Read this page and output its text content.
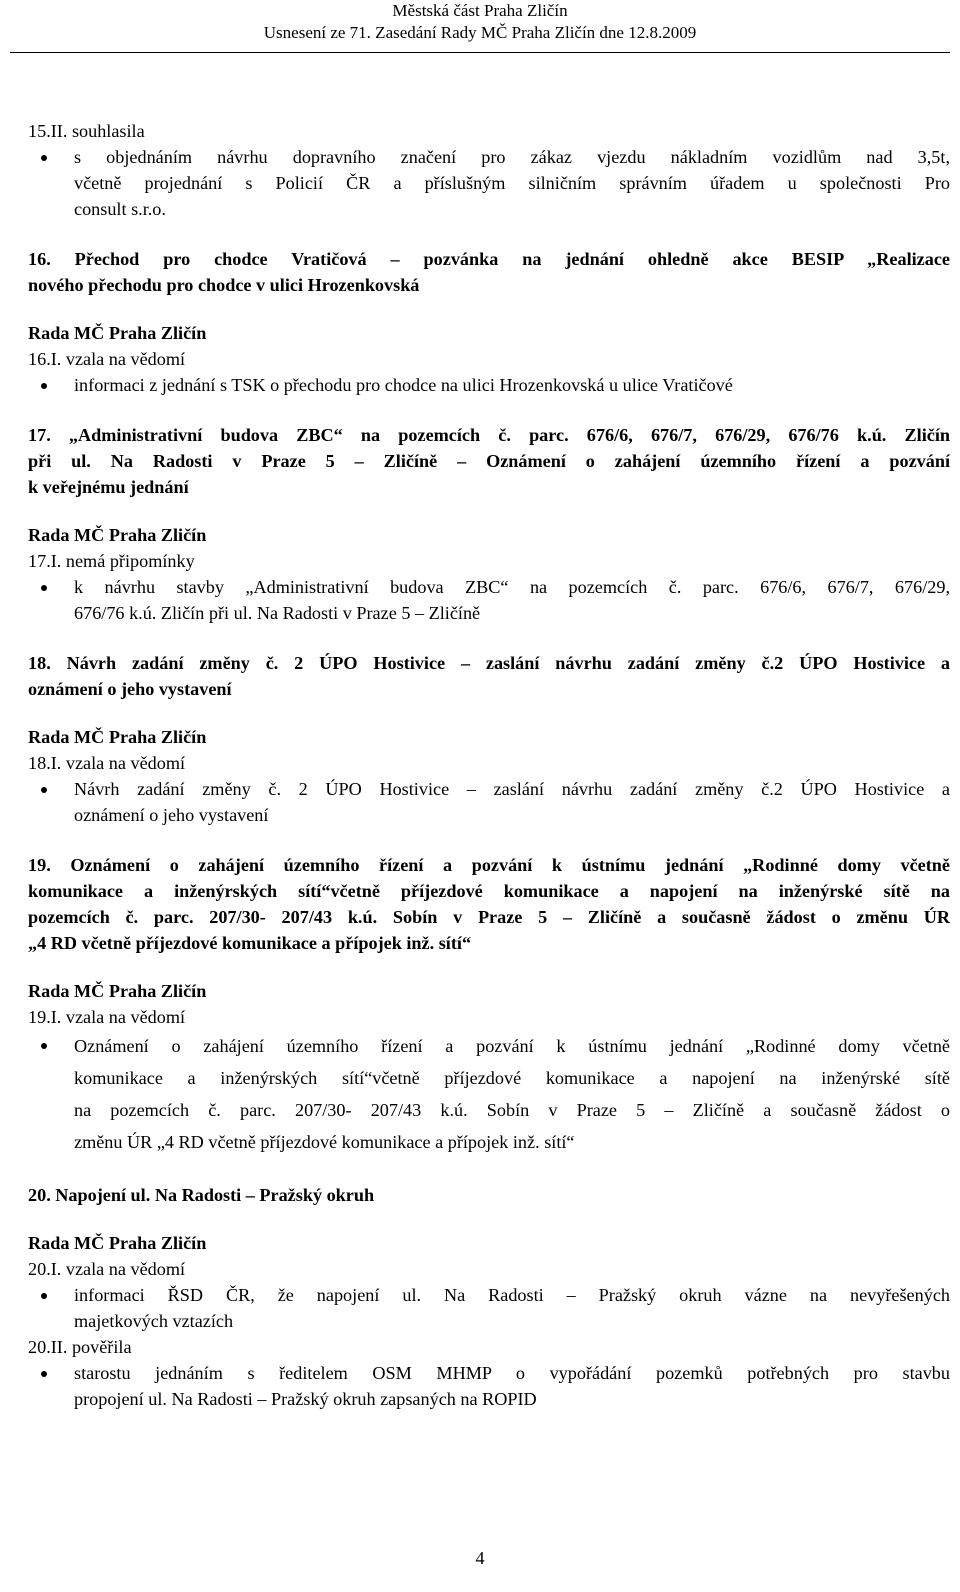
Městská část Praha Zličín
Usnesení ze 71. Zasedání Rady MČ Praha Zličín dne 12.8.2009
15.II. souhlasila
s objednáním návrhu dopravního značení pro zákaz vjezdu nákladním vozidlům nad 3,5t,
včetně projednání s Policií ČR a příslušným silničním správním úřadem u společnosti Pro
consult s.r.o.
16. Přechod pro chodce Vratičová – pozvánka na jednání ohledně akce BESIP „Realizace
nového přechodu pro chodce v ulici Hrozenkovská
Rada MČ Praha Zličín
16.I. vzala na vědomí
informaci z jednání s TSK o přechodu pro chodce na ulici Hrozenkovská u ulice Vratičové
17. „Administrativní budova ZBC“ na pozemcích č. parc. 676/6, 676/7, 676/29, 676/76 k.ú. Zličín
při ul. Na Radosti v Praze 5 – Zličíně – Oznámení o zahájení územního řízení a pozvání
k veřejnému jednání
Rada MČ Praha Zličín
17.I. nemá připomínky
k návrhu stavby „Administrativní budova ZBC“ na pozemcích č. parc. 676/6, 676/7, 676/29,
676/76 k.ú. Zličín při ul. Na Radosti v Praze 5 – Zličíně
18. Návrh zadání změny č. 2 ÚPO Hostivice – zaslání návrhu zadání změny č.2 ÚPO Hostivice a
oznámení o jeho vystavení
Rada MČ Praha Zličín
18.I. vzala na vědomí
Návrh zadání změny č. 2 ÚPO Hostivice – zaslání návrhu zadání změny č.2 ÚPO Hostivice a
oznámení o jeho vystavení
19. Oznámení o zahájení územního řízení a pozvání k ústnímu jednání „Rodinné domy včetně
komunikace a inženýrských sítí“včetně příjezdové komunikace a napojení na inženýrské sítě na
pozemcích č. parc. 207/30- 207/43 k.ú. Sobín v Praze 5 – Zličíně a současně žádost o změnu ÚR
„4 RD včetně příjezdové komunikace a přípojek inž. sítí“
Rada MČ Praha Zličín
19.I. vzala na vědomí
Oznámení o zahájení územního řízení a pozvání k ústnímu jednání „Rodinné domy včetně
komunikace a inženýrských sítí“včetně příjezdové komunikace a napojení na inženýrské sítě
na pozemcích č. parc. 207/30- 207/43 k.ú. Sobín v Praze 5 – Zličíně a současně žádost o
změnu ÚR „4 RD včetně příjezdové komunikace a přípojek inž. sítí“
20. Napojení ul. Na Radosti – Pražský okruh
Rada MČ Praha Zličín
20.I. vzala na vědomí
informaci ŘSD ČR, že napojení ul. Na Radosti – Pražský okruh vázne na nevyřešených
majetkových vztazích
20.II. pověřila
starostu jednáním s ředitelem OSM MHMP o vypořádání pozemků potřebných pro stavbu
propojení ul. Na Radosti – Pražský okruh zapsaných na ROPID
4
